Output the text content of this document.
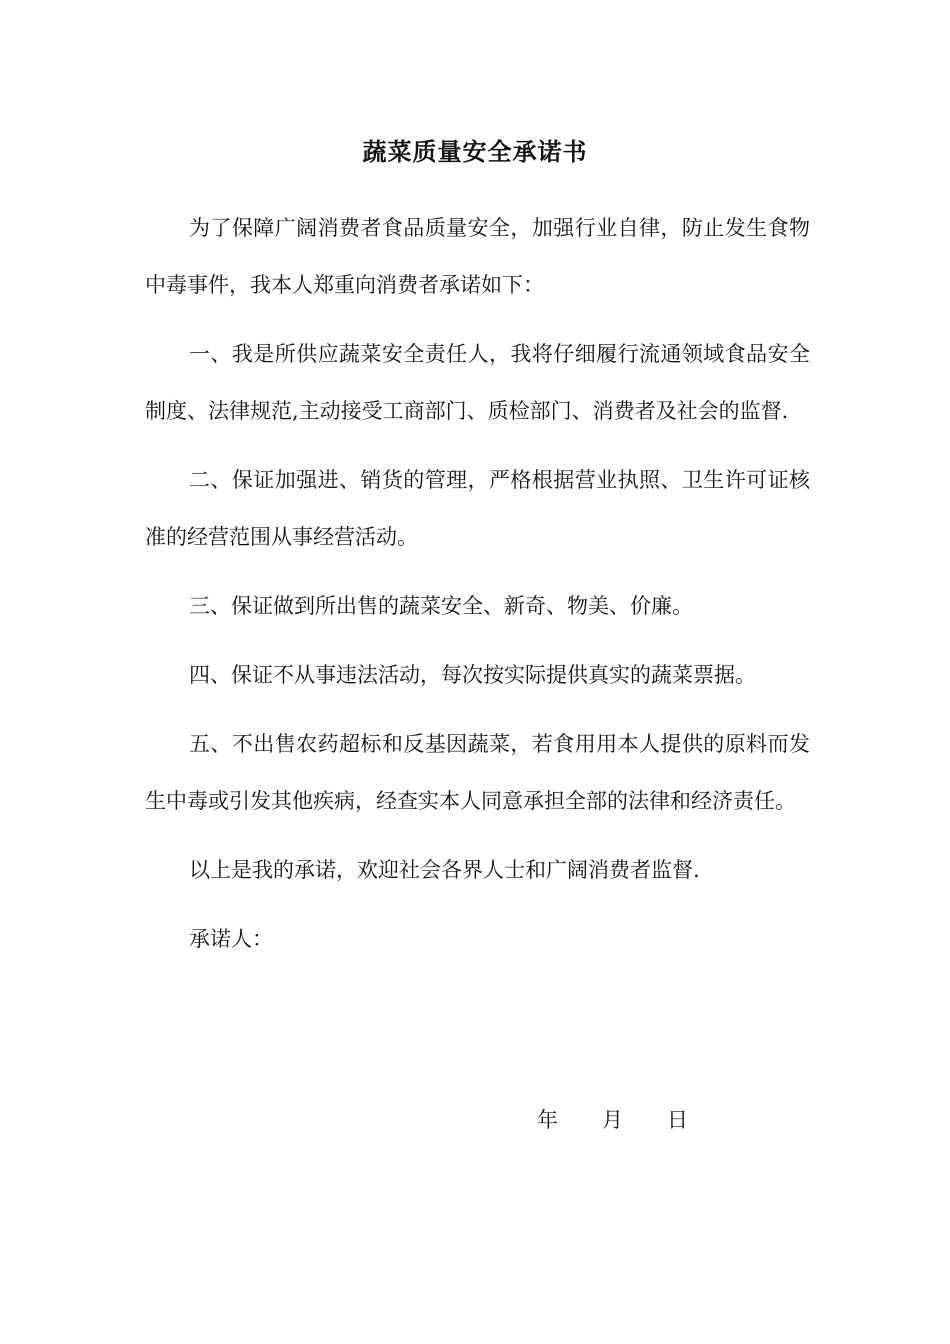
蔬菜质量安全承诺书

为了保障广阔消费者食品质量安全，加强行业自律，防止发生食物中毒事件，我本人郑重向消费者承诺如下：

一、我是所供应蔬菜安全责任人，我将仔细履行流通领域食品安全制度、法律规范,主动接受工商部门、质检部门、消费者及社会的监督.

二、保证加强进、销货的管理，严格根据营业执照、卫生许可证核准的经营范围从事经营活动。

三、保证做到所出售的蔬菜安全、新奇、物美、价廉。

四、保证不从事违法活动，每次按实际提供真实的蔬菜票据。

五、不出售农药超标和反基因蔬菜，若食用用本人提供的原料而发生中毒或引发其他疾病，经查实本人同意承担全部的法律和经济责任。

以上是我的承诺，欢迎社会各界人士和广阔消费者监督.

承诺人：

年 月 日
